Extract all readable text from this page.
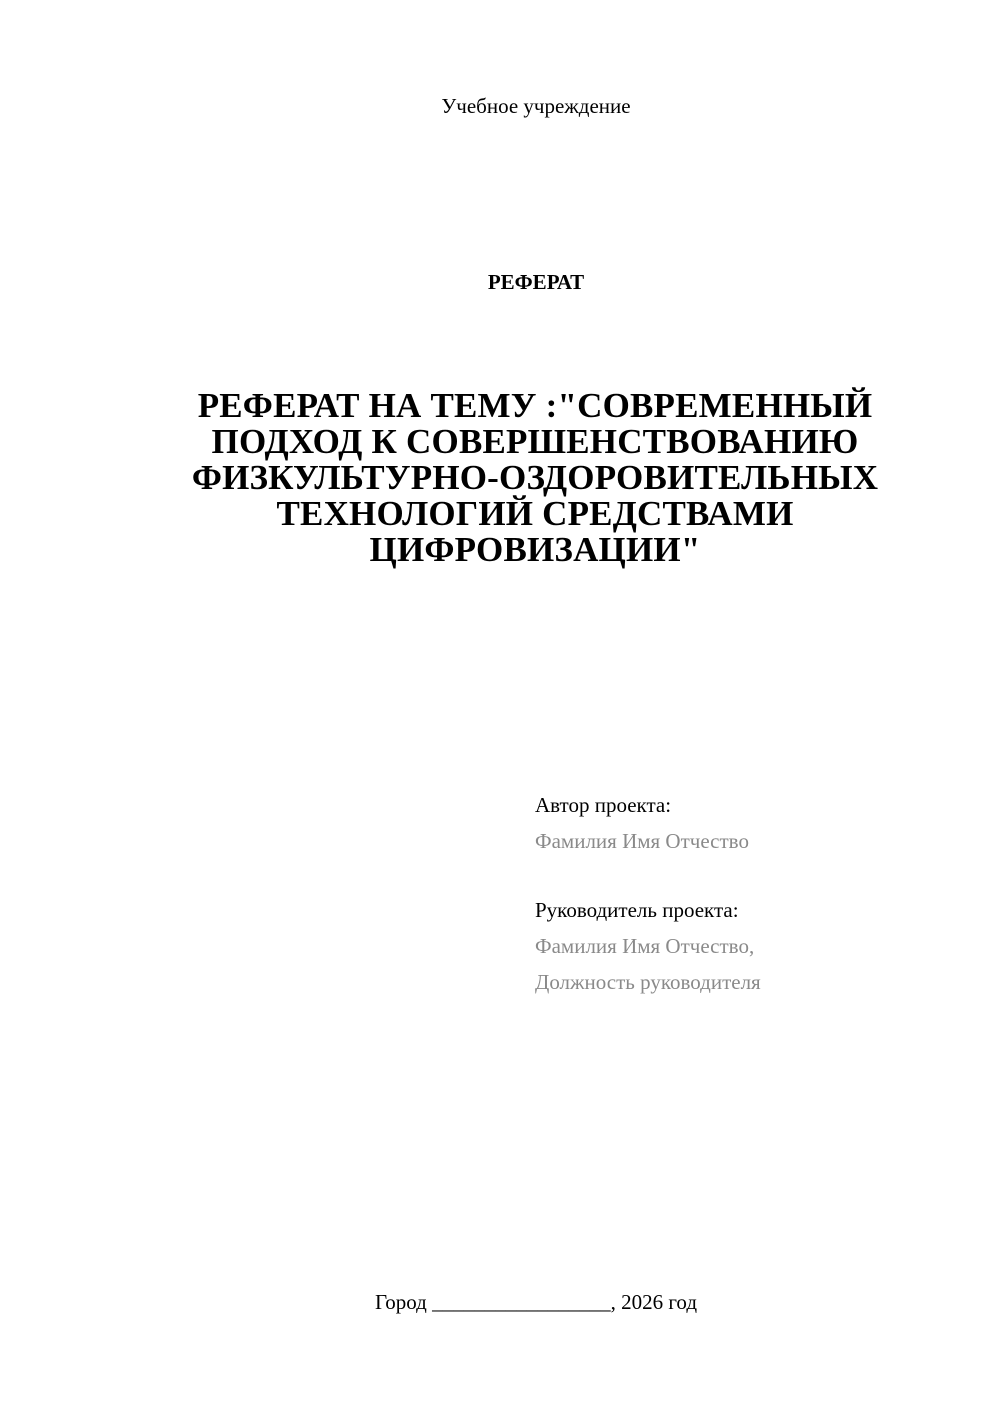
Учебное учреждение
РЕФЕРАТ
РЕФЕРАТ НА ТЕМУ :"СОВРЕМЕННЫЙ
ПОДХОД К СОВЕРШЕНСТВОВАНИЮ
ФИЗКУЛЬТУРНО-ОЗДОРОВИТЕЛЬНЫХ
ТЕХНОЛОГИЙ СРЕДСТВАМИ
ЦИФРОВИЗАЦИИ"
Автор проекта:
Фамилия Имя Отчество
Руководитель проекта:
Фамилия Имя Отчество,
Должность руководителя
Город _________________, 2026 год
